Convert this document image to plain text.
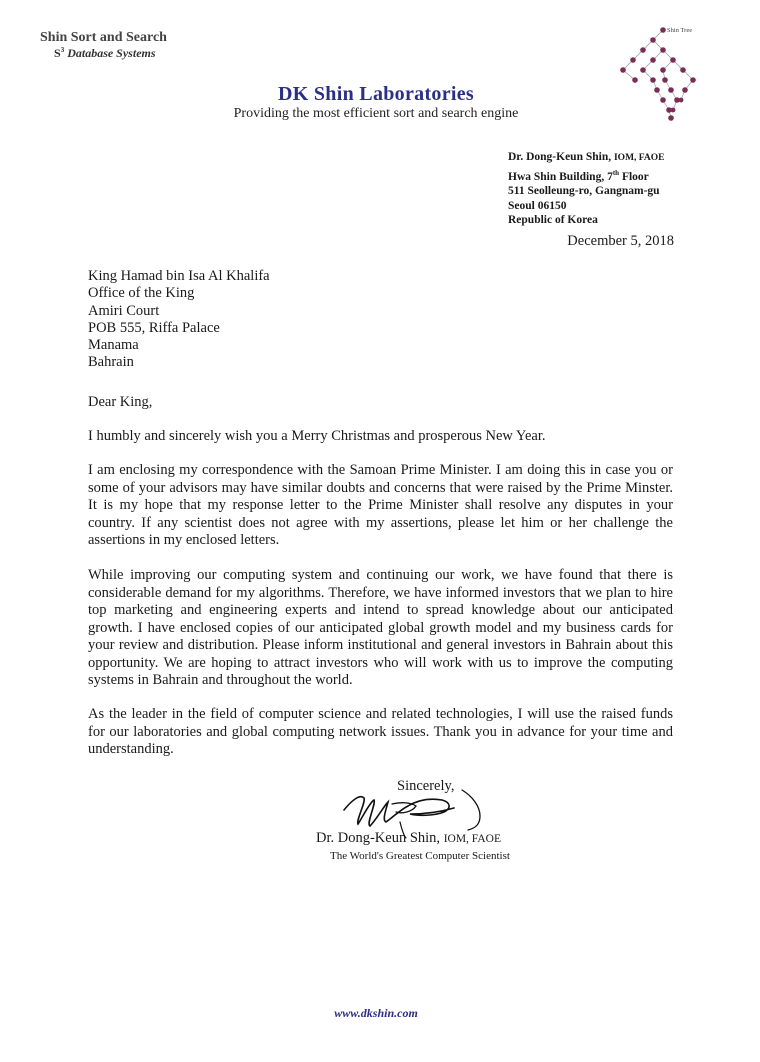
Shin Sort and Search
$S^3$ Database Systems
Shin Tree
DK Shin Laboratories
Providing the most efficient sort and search engine
Dr. Dong-Keun Shin, IOM, FAOE
Hwa Shin Building, 7th Floor
511 Seolleung-ro, Gangnam-gu
Seoul 06150
Republic of Korea
December 5, 2018
King Hamad bin Isa Al Khalifa
Office of the King
Amiri Court
POB 555, Riffa Palace
Manama
Bahrain
Dear King,
I humbly and sincerely wish you a Merry Christmas and prosperous New Year.
I am enclosing my correspondence with the Samoan Prime Minister. I am doing this in case you or some of your advisors may have similar doubts and concerns that were raised by the Prime Minster. It is my hope that my response letter to the Prime Minister shall resolve any disputes in your country. If any scientist does not agree with my assertions, please let him or her challenge the assertions in my enclosed letters.
While improving our computing system and continuing our work, we have found that there is considerable demand for my algorithms. Therefore, we have informed investors that we plan to hire top marketing and engineering experts and intend to spread knowledge about our anticipated growth. I have enclosed copies of our anticipated global growth model and my business cards for your review and distribution. Please inform institutional and general investors in Bahrain about this opportunity. We are hoping to attract investors who will work with us to improve the computing systems in Bahrain and throughout the world.
As the leader in the field of computer science and related technologies, I will use the raised funds for our laboratories and global computing network issues. Thank you in advance for your time and understanding.
Sincerely,
Dr. Dong-Keun Shin, IOM, FAOE
The World's Greatest Computer Scientist
www.dkshin.com
